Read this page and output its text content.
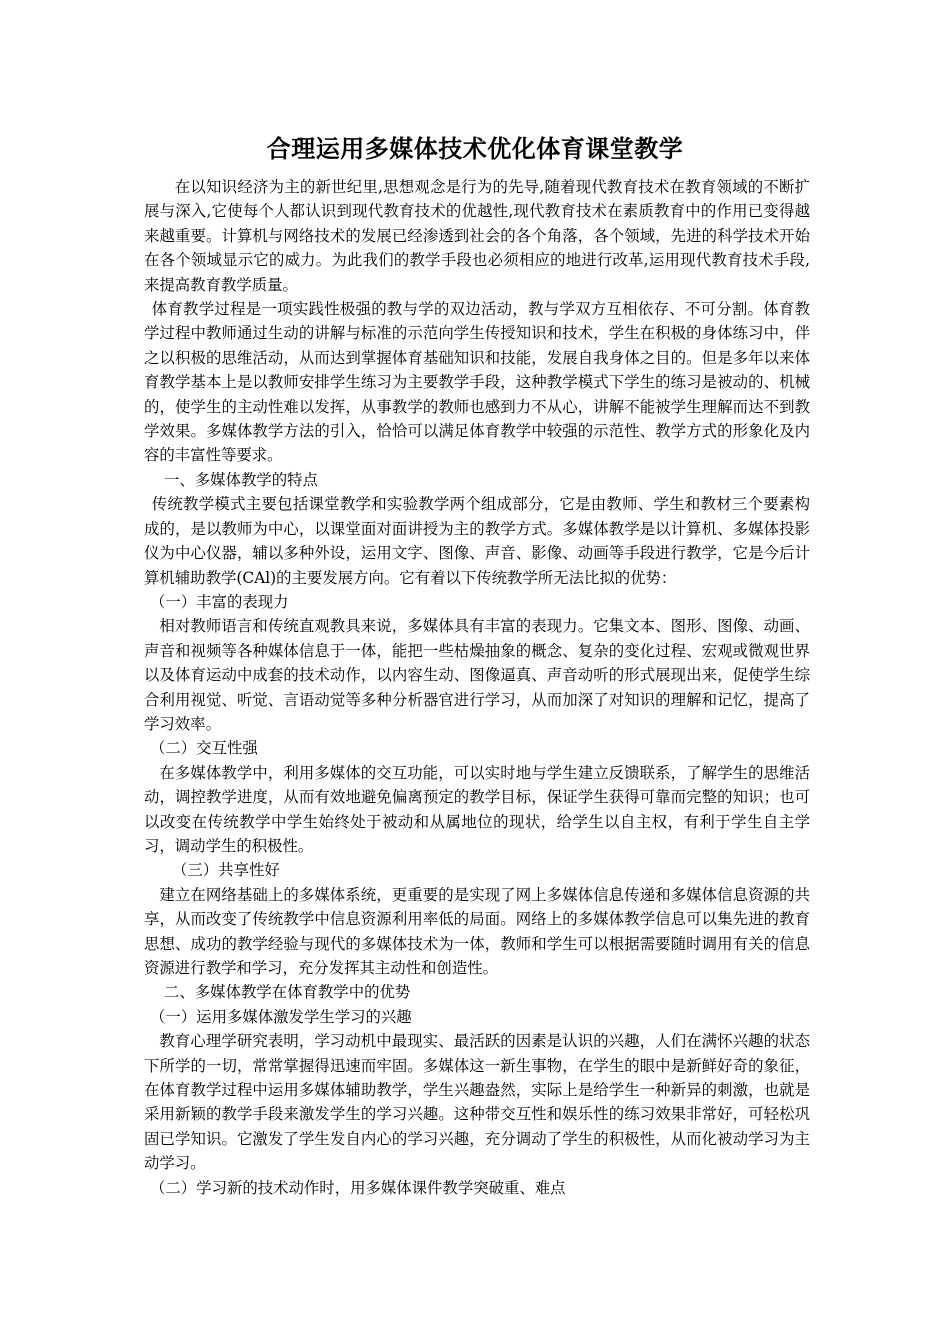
合理运用多媒体技术优化体育课堂教学

在以知识经济为主的新世纪里,思想观念是行为的先导,随着现代教育技术在教育领域的不断扩展与深入,它使每个人都认识到现代教育技术的优越性,现代教育技术在素质教育中的作用已变得越来越重要。计算机与网络技术的发展已经渗透到社会的各个角落，各个领域，先进的科学技术开始在各个领域显示它的威力。为此我们的教学手段也必须相应的地进行改革,运用现代教育技术手段,来提高教育教学质量。

体育教学过程是一项实践性极强的教与学的双边活动，教与学双方互相依存、不可分割。体育教学过程中教师通过生动的讲解与标准的示范向学生传授知识和技术，学生在积极的身体练习中，伴之以积极的思维活动，从而达到掌握体育基础知识和技能，发展自我身体之目的。但是多年以来体育教学基本上是以教师安排学生练习为主要教学手段，这种教学模式下学生的练习是被动的、机械的，使学生的主动性难以发挥，从事教学的教师也感到力不从心，讲解不能被学生理解而达不到教学效果。多媒体教学方法的引入，恰恰可以满足体育教学中较强的示范性、教学方式的形象化及内容的丰富性等要求。

一、多媒体教学的特点

传统教学模式主要包括课堂教学和实验教学两个组成部分，它是由教师、学生和教材三个要素构成的，是以教师为中心，以课堂面对面讲授为主的教学方式。多媒体教学是以计算机、多媒体投影仪为中心仪器，辅以多种外设，运用文字、图像、声音、影像、动画等手段进行教学，它是今后计算机辅助教学(CAl)的主要发展方向。它有着以下传统教学所无法比拟的优势：

（一）丰富的表现力

相对教师语言和传统直观教具来说，多媒体具有丰富的表现力。它集文本、图形、图像、动画、声音和视频等各种媒体信息于一体，能把一些枯燥抽象的概念、复杂的变化过程、宏观或微观世界以及体育运动中成套的技术动作，以内容生动、图像逼真、声音动听的形式展现出来，促使学生综合利用视觉、听觉、言语动觉等多种分析器官进行学习，从而加深了对知识的理解和记忆，提高了学习效率。

（二）交互性强

在多媒体教学中，利用多媒体的交互功能，可以实时地与学生建立反馈联系，了解学生的思维活动，调控教学进度，从而有效地避免偏离预定的教学目标，保证学生获得可靠而完整的知识；也可以改变在传统教学中学生始终处于被动和从属地位的现状，给学生以自主权，有利于学生自主学习，调动学生的积极性。

（三）共享性好

建立在网络基础上的多媒体系统，更重要的是实现了网上多媒体信息传递和多媒体信息资源的共享，从而改变了传统教学中信息资源利用率低的局面。网络上的多媒体教学信息可以集先进的教育思想、成功的教学经验与现代的多媒体技术为一体，教师和学生可以根据需要随时调用有关的信息资源进行教学和学习，充分发挥其主动性和创造性。

二、多媒体教学在体育教学中的优势

（一）运用多媒体激发学生学习的兴趣

教育心理学研究表明，学习动机中最现实、最活跃的因素是认识的兴趣，人们在满怀兴趣的状态下所学的一切，常常掌握得迅速而牢固。多媒体这一新生事物，在学生的眼中是新鲜好奇的象征，在体育教学过程中运用多媒体辅助教学，学生兴趣盎然，实际上是给学生一种新异的刺激，也就是采用新颖的教学手段来激发学生的学习兴趣。这种带交互性和娱乐性的练习效果非常好，可轻松巩固已学知识。它激发了学生发自内心的学习兴趣，充分调动了学生的积极性，从而化被动学习为主动学习。

（二）学习新的技术动作时，用多媒体课件教学突破重、难点
